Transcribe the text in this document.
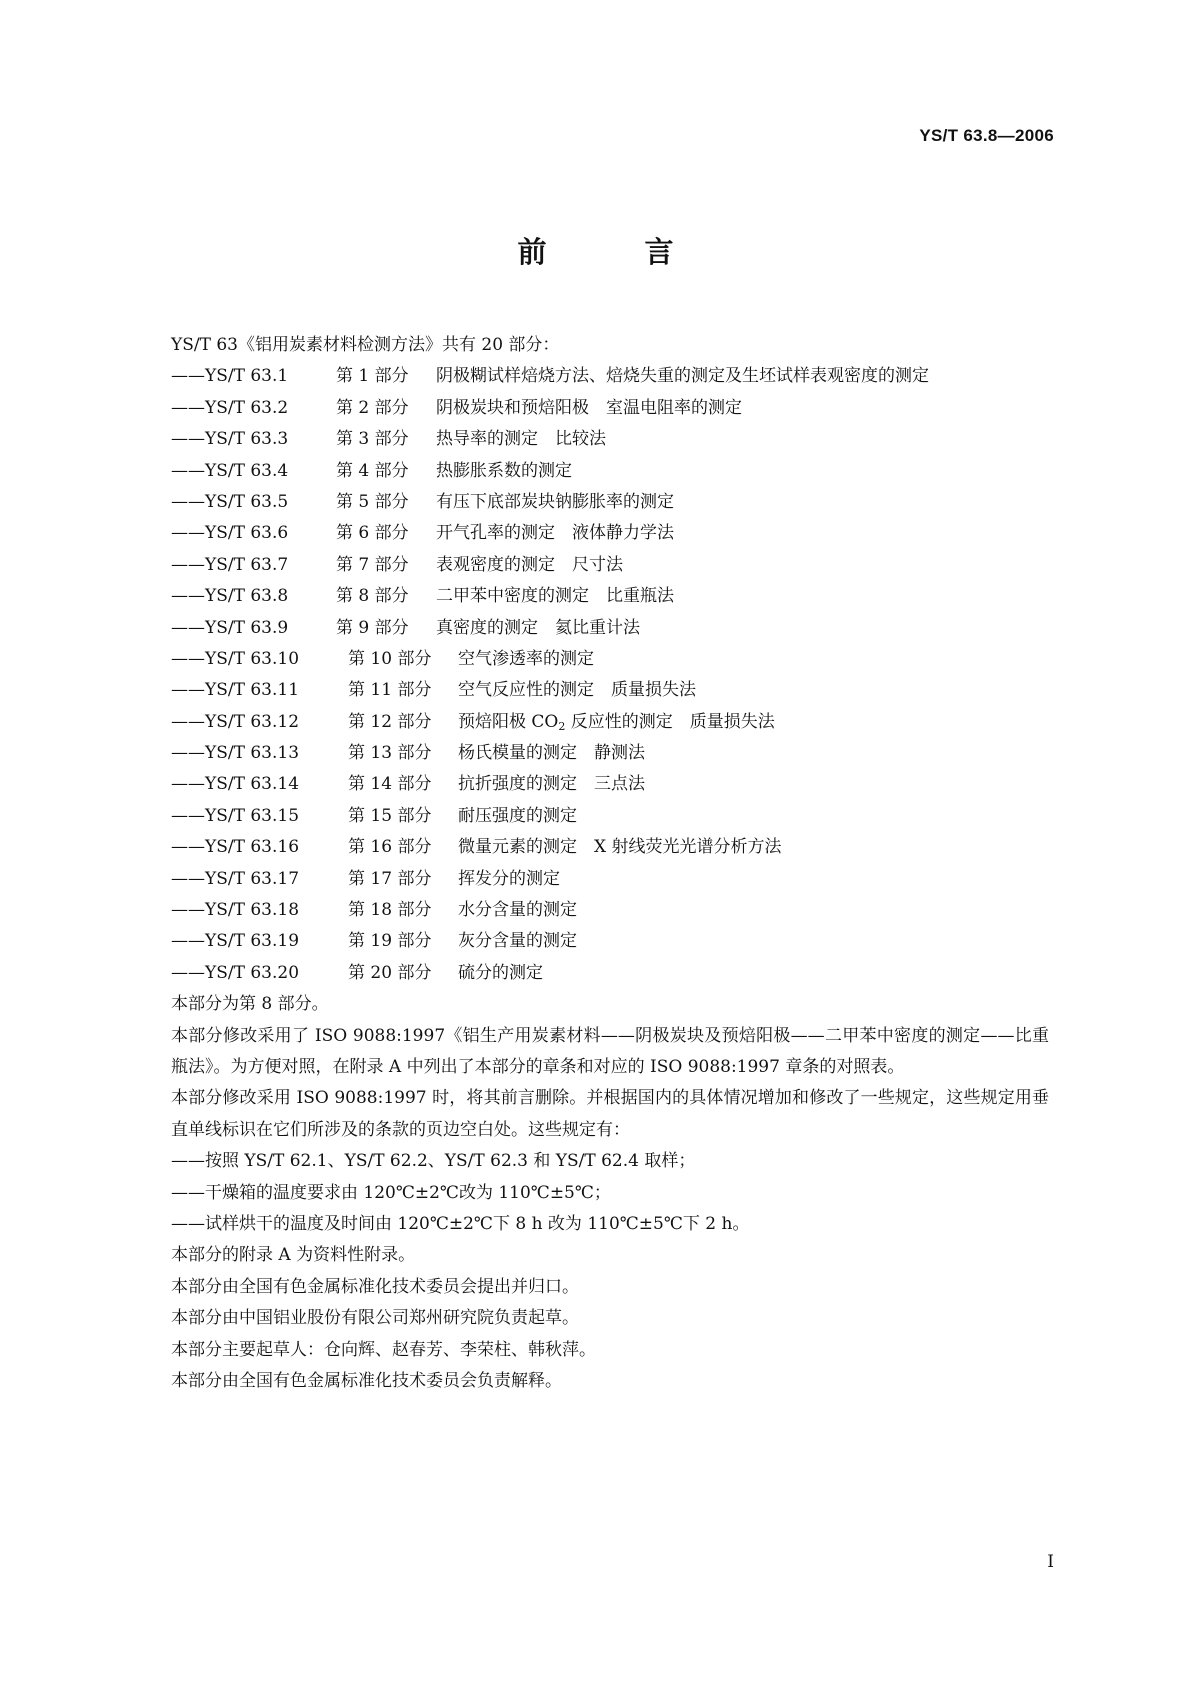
YS/T 63.8—2006
前 言
YS/T 63《铝用炭素材料检测方法》共有 20 部分：
——YS/T 63.1	第 1 部分	阴极糊试样焙烧方法、焙烧失重的测定及生坯试样表观密度的测定
——YS/T 63.2	第 2 部分	阴极炭块和预焙阳极　室温电阻率的测定
——YS/T 63.3	第 3 部分	热导率的测定　比较法
——YS/T 63.4	第 4 部分	热膨胀系数的测定
——YS/T 63.5	第 5 部分	有压下底部炭块钠膨胀率的测定
——YS/T 63.6	第 6 部分	开气孔率的测定　液体静力学法
——YS/T 63.7	第 7 部分	表观密度的测定　尺寸法
——YS/T 63.8	第 8 部分	二甲苯中密度的测定　比重瓶法
——YS/T 63.9	第 9 部分	真密度的测定　氦比重计法
——YS/T 63.10	第 10 部分	空气渗透率的测定
——YS/T 63.11	第 11 部分	空气反应性的测定　质量损失法
——YS/T 63.12	第 12 部分	预焙阳极 $CO_2$ 反应性的测定　质量损失法
——YS/T 63.13	第 13 部分	杨氏模量的测定　静测法
——YS/T 63.14	第 14 部分	抗折强度的测定　三点法
——YS/T 63.15	第 15 部分	耐压强度的测定
——YS/T 63.16	第 16 部分	微量元素的测定　X 射线荧光光谱分析方法
——YS/T 63.17	第 17 部分	挥发分的测定
——YS/T 63.18	第 18 部分	水分含量的测定
——YS/T 63.19	第 19 部分	灰分含量的测定
——YS/T 63.20	第 20 部分	硫分的测定
本部分为第 8 部分。
本部分修改采用了 ISO 9088:1997《铝生产用炭素材料——阴极炭块及预焙阳极——二甲苯中密度的测定——比重瓶法》。为方便对照，在附录 A 中列出了本部分的章条和对应的 ISO 9088:1997 章条的对照表。
本部分修改采用 ISO 9088:1997 时，将其前言删除。并根据国内的具体情况增加和修改了一些规定，这些规定用垂直单线标识在它们所涉及的条款的页边空白处。这些规定有：
——按照 YS/T 62.1、YS/T 62.2、YS/T 62.3 和 YS/T 62.4 取样；
——干燥箱的温度要求由 120℃±2℃改为 110℃±5℃；
——试样烘干的温度及时间由 120℃±2℃下 8 h 改为 110℃±5℃下 2 h。
本部分的附录 A 为资料性附录。
本部分由全国有色金属标准化技术委员会提出并归口。
本部分由中国铝业股份有限公司郑州研究院负责起草。
本部分主要起草人：仓向辉、赵春芳、李荣柱、韩秋萍。
本部分由全国有色金属标准化技术委员会负责解释。
I
